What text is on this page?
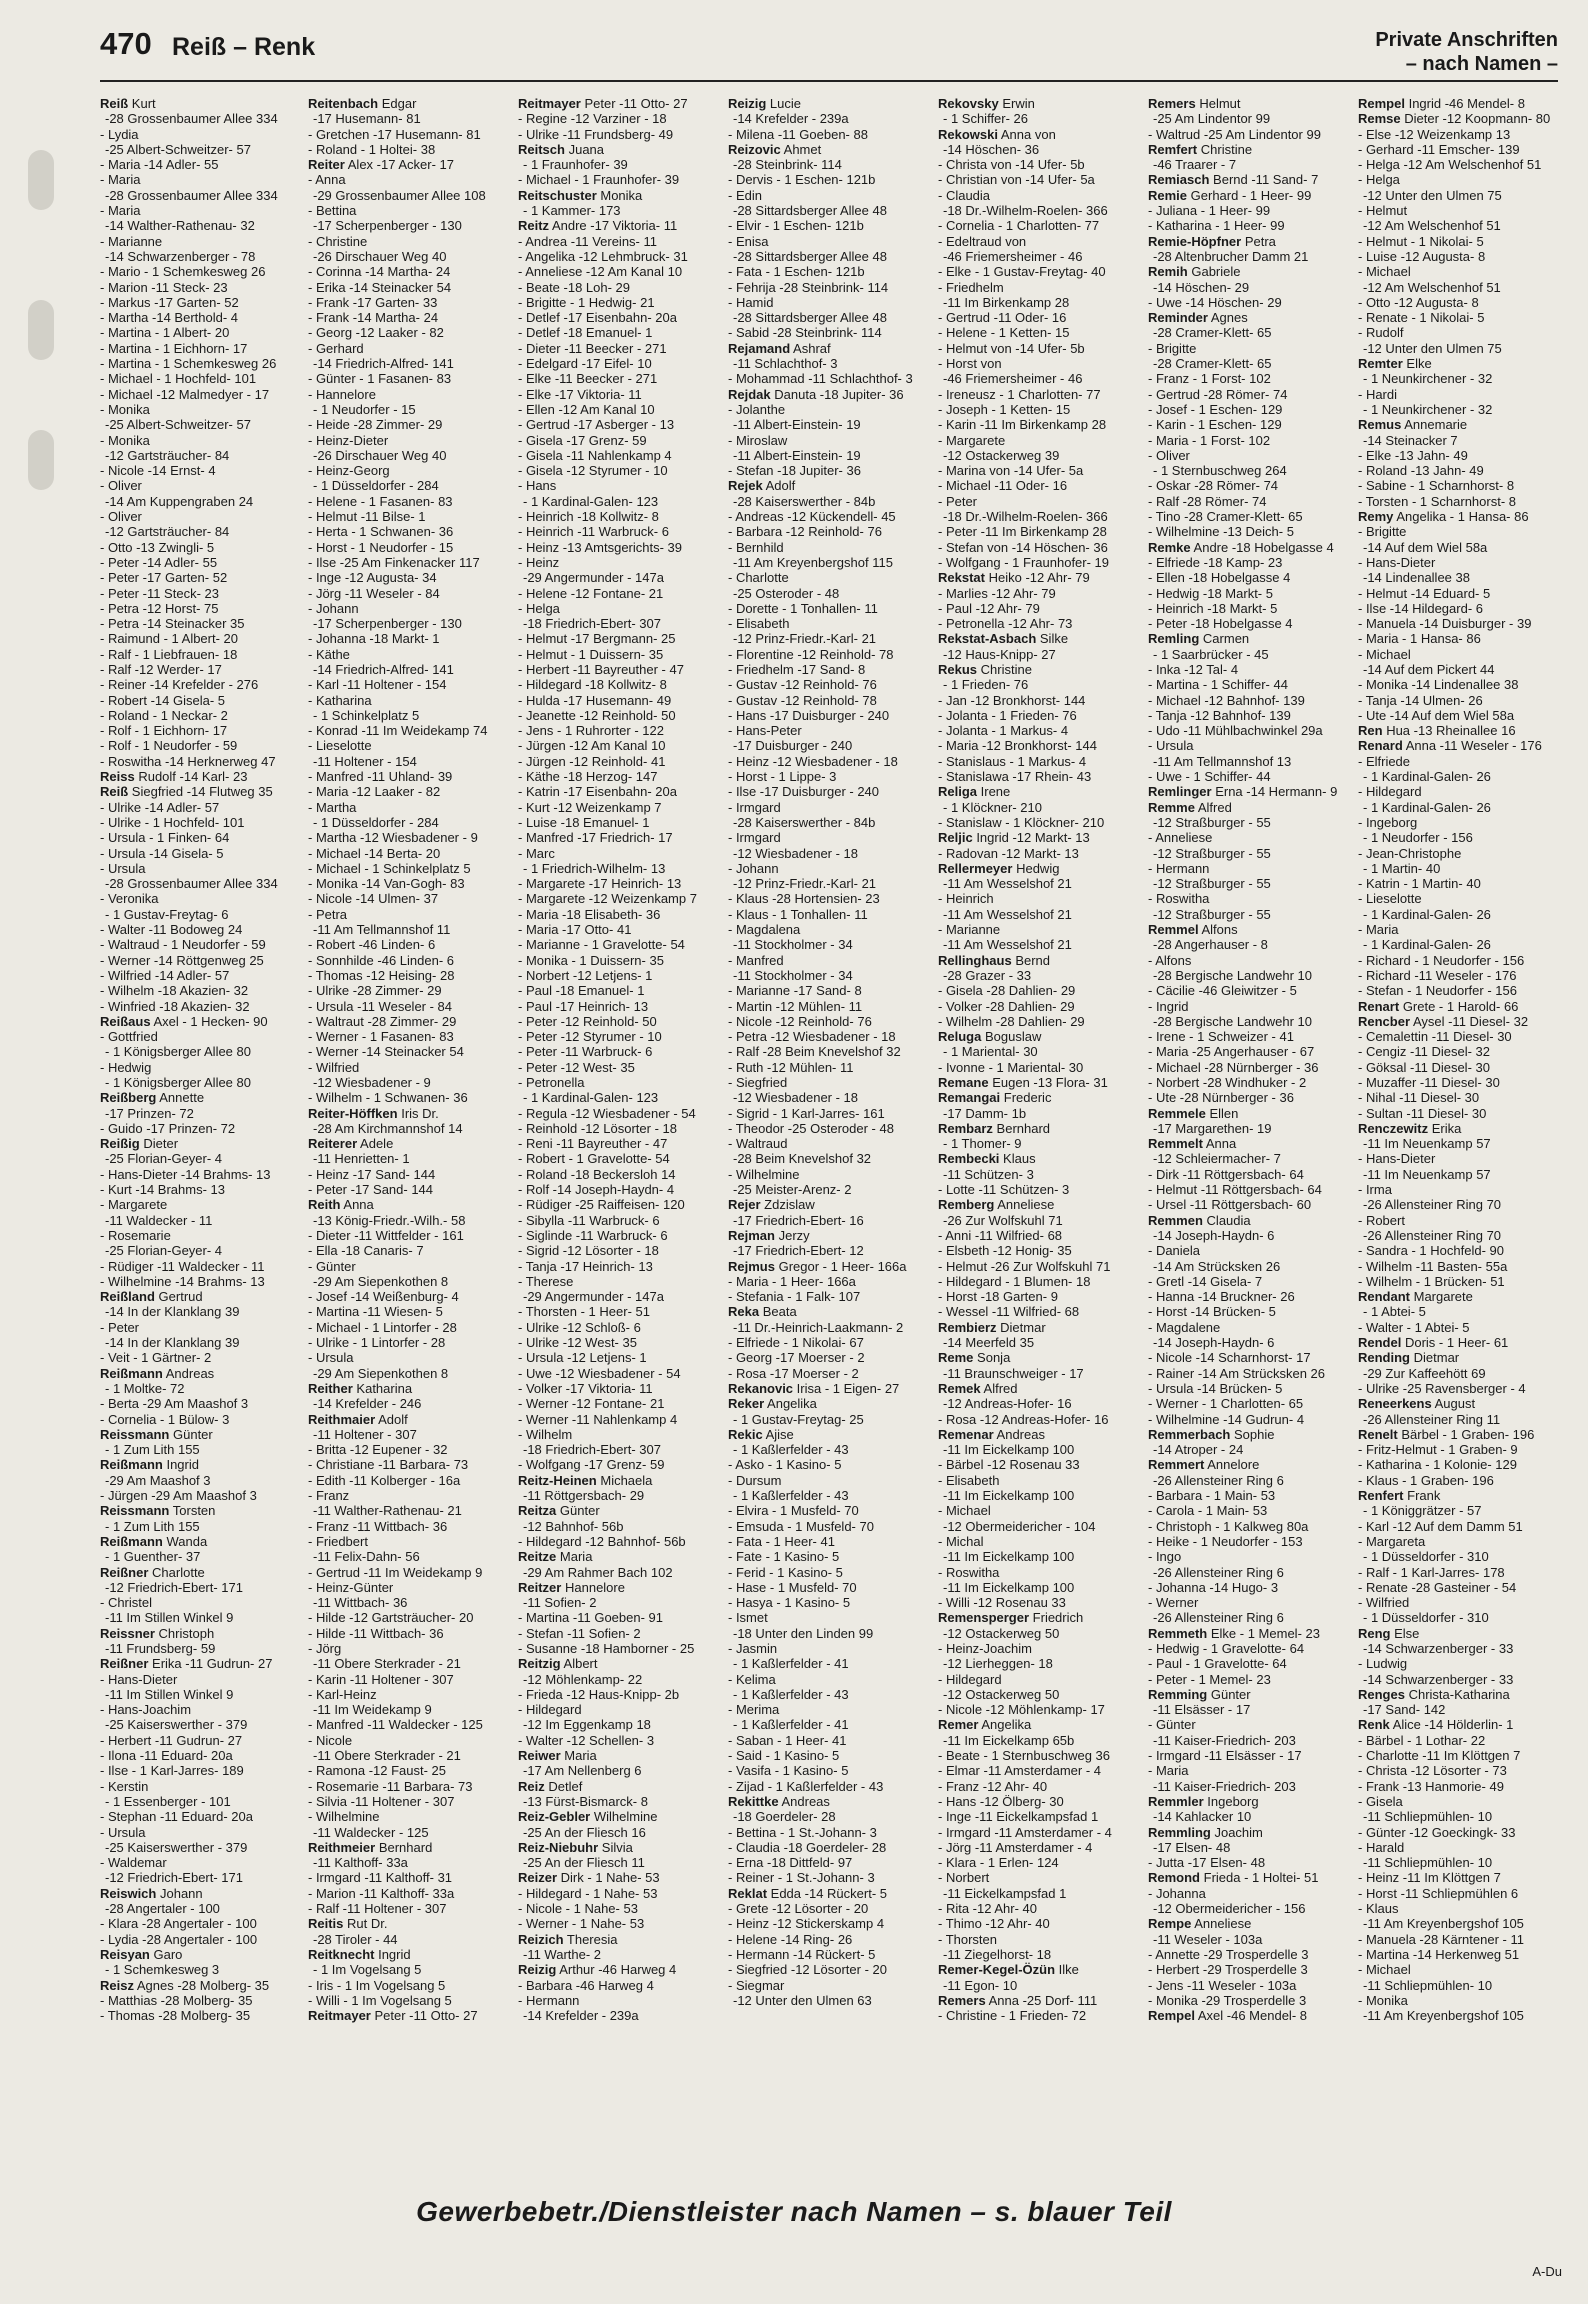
470 Reiß – Renk	Private Anschriften
– nach Namen –
Reiß Kurt
-28 Grossenbaumer Allee 334
- Lydia
-25 Albert-Schweitzer- 57
- Maria -14 Adler- 55
- Maria
-28 Grossenbaumer Allee 334
- Maria
-14 Walther-Rathenau- 32
- Marianne
-14 Schwarzenberger - 78
- Mario - 1 Schemkesweg 26
- Marion -11 Steck- 23
- Markus -17 Garten- 52
- Martha -14 Berthold- 4
- Martina - 1 Albert- 20
- Martina - 1 Eichhorn- 17
- Martina - 1 Schemkesweg 26
- Michael - 1 Hochfeld- 101
- Michael -12 Malmedyer - 17
- Monika
-25 Albert-Schweitzer- 57
- Monika
-12 Gartsträucher- 84
- Nicole -14 Ernst- 4
- Oliver
-14 Am Kuppengraben 24
- Oliver
-12 Gartsträucher- 84
- Otto -13 Zwingli- 5
- Peter -14 Adler- 55
- Peter -17 Garten- 52
- Peter -11 Steck- 23
- Petra -12 Horst- 75
- Petra -14 Steinacker 35
- Raimund - 1 Albert- 20
- Ralf - 1 Liebfrauen- 18
- Ralf -12 Werder- 17
- Reiner -14 Krefelder - 276
- Robert -14 Gisela- 5
- Roland - 1 Neckar- 2
- Rolf - 1 Eichhorn- 17
- Rolf - 1 Neudorfer - 59
- Roswitha -14 Herknerweg 47
Reiss Rudolf -14 Karl- 23
Reiß Siegfried -14 Flutweg 35
- Ulrike -14 Adler- 57
- Ulrike - 1 Hochfeld- 101
- Ursula - 1 Finken- 64
- Ursula -14 Gisela- 5
- Ursula
-28 Grossenbaumer Allee 334
- Veronika
- 1 Gustav-Freytag- 6
- Walter -11 Bodoweg 24
- Waltraud - 1 Neudorfer - 59
- Werner -14 Röttgenweg 25
- Wilfried -14 Adler- 57
- Wilhelm -18 Akazien- 32
- Winfried -18 Akazien- 32
Reißaus Axel - 1 Hecken- 90
- Gottfried
- 1 Königsberger Allee 80
- Hedwig
- 1 Königsberger Allee 80
Reißberg Annette
-17 Prinzen- 72
- Guido -17 Prinzen- 72
Reißig Dieter
-25 Florian-Geyer- 4
- Hans-Dieter -14 Brahms- 13
- Kurt -14 Brahms- 13
- Margarete
-11 Waldecker - 11
- Rosemarie
-25 Florian-Geyer- 4
- Rüdiger -11 Waldecker - 11
- Wilhelmine -14 Brahms- 13
Reißland Gertrud
-14 In der Klanklang 39
- Peter
-14 In der Klanklang 39
- Veit - 1 Gärtner- 2
Reißmann Andreas
- 1 Moltke- 72
- Berta -29 Am Maashof 3
- Cornelia - 1 Bülow- 3
Reissmann Günter
- 1 Zum Lith 155
Reißmann Ingrid
-29 Am Maashof 3
- Jürgen -29 Am Maashof 3
Reissmann Torsten
- 1 Zum Lith 155
Reißmann Wanda
- 1 Guenther- 37
Reißner Charlotte
-12 Friedrich-Ebert- 171
- Christel
-11 Im Stillen Winkel 9
Reissner Christoph
-11 Frundsberg- 59
Reißner Erika -11 Gudrun- 27
- Hans-Dieter
-11 Im Stillen Winkel 9
- Hans-Joachim
-25 Kaiserswerther - 379
- Herbert -11 Gudrun- 27
- Ilona -11 Eduard- 20a
- Ilse - 1 Karl-Jarres- 189
- Kerstin
- 1 Essenberger - 101
- Stephan -11 Eduard- 20a
- Ursula
-25 Kaiserswerther - 379
- Waldemar
-12 Friedrich-Ebert- 171
Reiswich Johann
-28 Angertaler - 100
- Klara -28 Angertaler - 100
- Lydia -28 Angertaler - 100
Reisyan Garo
- 1 Schemkesweg 3
Reisz Agnes -28 Molberg- 35
- Matthias -28 Molberg- 35
- Thomas -28 Molberg- 35
Reitenbach Edgar
-17 Husemann- 81
- Gretchen -17 Husemann- 81
- Roland - 1 Holtei- 38
Reiter Alex -17 Acker- 17
- Anna
-29 Grossenbaumer Allee 108
- Bettina
-17 Scherpenberger - 130
- Christine
-26 Dirschauer Weg 40
- Corinna -14 Martha- 24
- Erika -14 Steinacker 54
- Frank -17 Garten- 33
- Frank -14 Martha- 24
- Georg -12 Laaker - 82
- Gerhard
-14 Friedrich-Alfred- 141
- Günter - 1 Fasanen- 83
- Hannelore
- 1 Neudorfer - 15
- Heide -28 Zimmer- 29
- Heinz-Dieter
-26 Dirschauer Weg 40
- Heinz-Georg
- 1 Düsseldorfer - 284
- Helene - 1 Fasanen- 83
- Helmut -11 Bilse- 1
- Herta - 1 Schwanen- 36
- Horst - 1 Neudorfer - 15
- Ilse -25 Am Finkenacker 117
- Inge -12 Augusta- 34
- Jörg -11 Weseler - 84
- Johann
-17 Scherpenberger - 130
- Johanna -18 Markt- 1
- Käthe
-14 Friedrich-Alfred- 141
- Karl -11 Holtener - 154
- Katharina
- 1 Schinkelplatz 5
- Konrad -11 Im Weidekamp 74
- Lieselotte
-11 Holtener - 154
- Manfred -11 Uhland- 39
- Maria -12 Laaker - 82
- Martha
- 1 Düsseldorfer - 284
- Martha -12 Wiesbadener - 9
- Michael -14 Berta- 20
- Michael - 1 Schinkelplatz 5
- Monika -14 Van-Gogh- 83
- Nicole -14 Ulmen- 37
- Petra
-11 Am Tellmannshof 11
- Robert -46 Linden- 6
- Sonnhilde -46 Linden- 6
- Thomas -12 Heising- 28
- Ulrike -28 Zimmer- 29
- Ursula -11 Weseler - 84
- Waltraut -28 Zimmer- 29
- Werner - 1 Fasanen- 83
- Werner -14 Steinacker 54
- Wilfried
-12 Wiesbadener - 9
- Wilhelm - 1 Schwanen- 36
Reiter-Höffken Iris Dr.
-28 Am Kirchmannshof 14
Reiterer Adele
-11 Henrietten- 1
- Heinz -17 Sand- 144
- Peter -17 Sand- 144
Reith Anna
-13 König-Friedr.-Wilh.- 58
- Dieter -11 Wittfelder - 161
- Ella -18 Canaris- 7
- Günter
-29 Am Siepenkothen 8
- Josef -14 Weißenburg- 4
- Martina -11 Wiesen- 5
- Michael - 1 Lintorfer - 28
- Ulrike - 1 Lintorfer - 28
- Ursula
-29 Am Siepenkothen 8
Reither Katharina
-14 Krefelder - 246
Reithmaier Adolf
-11 Holtener - 307
- Britta -12 Eupener - 32
- Christiane -11 Barbara- 73
- Edith -11 Kolberger - 16a
- Franz
-11 Walther-Rathenau- 21
- Franz -11 Wittbach- 36
- Friedbert
-11 Felix-Dahn- 56
- Gertrud -11 Im Weidekamp 9
- Heinz-Günter
-11 Wittbach- 36
- Hilde -12 Gartsträucher- 20
- Hilde -11 Wittbach- 36
- Jörg
-11 Obere Sterkrader - 21
- Karin -11 Holtener - 307
- Karl-Heinz
-11 Im Weidekamp 9
- Manfred -11 Waldecker - 125
- Nicole
-11 Obere Sterkrader - 21
- Ramona -12 Faust- 25
- Rosemarie -11 Barbara- 73
- Silvia -11 Holtener - 307
- Wilhelmine
-11 Waldecker - 125
Reithmeier Bernhard
-11 Kalthoff- 33a
- Irmgard -11 Kalthoff- 31
- Marion -11 Kalthoff- 33a
- Ralf -11 Holtener - 307
Reitis Rut Dr.
-28 Tiroler - 44
Reitknecht Ingrid
- 1 Im Vogelsang 5
- Iris - 1 Im Vogelsang 5
- Willi - 1 Im Vogelsang 5
Reitmayer Peter -11 Otto- 27
Reitmayer Peter -11 Otto- 27
- Regine -12 Varziner - 18
- Ulrike -11 Frundsberg- 49
Reitsch Juana
- 1 Fraunhofer- 39
- Michael - 1 Fraunhofer- 39
Reitschuster Monika
- 1 Kammer- 173
Reitz Andre -17 Viktoria- 11
- Andrea -11 Vereins- 11
- Angelika -12 Lehmbruck- 31
- Anneliese -12 Am Kanal 10
- Beate -18 Loh- 29
- Brigitte - 1 Hedwig- 21
- Detlef -17 Eisenbahn- 20a
- Detlef -18 Emanuel- 1
- Dieter -11 Beecker - 271
- Edelgard -17 Eifel- 10
- Elke -11 Beecker - 271
- Elke -17 Viktoria- 11
- Ellen -12 Am Kanal 10
- Gertrud -17 Asberger - 13
- Gisela -17 Grenz- 59
- Gisela -11 Nahlenkamp 4
- Gisela -12 Styrumer - 10
- Hans
- 1 Kardinal-Galen- 123
- Heinrich -18 Kollwitz- 8
- Heinrich -11 Warbruck- 6
- Heinz -13 Amtsgerichts- 39
- Heinz
-29 Angermunder - 147a
- Helene -12 Fontane- 21
- Helga
-18 Friedrich-Ebert- 307
- Helmut -17 Bergmann- 25
- Helmut - 1 Duissern- 35
- Herbert -11 Bayreuther - 47
- Hildegard -18 Kollwitz- 8
- Hulda -17 Husemann- 49
- Jeanette -12 Reinhold- 50
- Jens - 1 Ruhrorter - 122
- Jürgen -12 Am Kanal 10
- Jürgen -12 Reinhold- 41
- Käthe -18 Herzog- 147
- Katrin -17 Eisenbahn- 20a
- Kurt -12 Weizenkamp 7
- Luise -18 Emanuel- 1
- Manfred -17 Friedrich- 17
- Marc
- 1 Friedrich-Wilhelm- 13
- Margarete -17 Heinrich- 13
- Margarete -12 Weizenkamp 7
- Maria -18 Elisabeth- 36
- Maria -17 Otto- 41
- Marianne - 1 Gravelotte- 54
- Monika - 1 Duissern- 35
- Norbert -12 Letjens- 1
- Paul -18 Emanuel- 1
- Paul -17 Heinrich- 13
- Peter -12 Reinhold- 50
- Peter -12 Styrumer - 10
- Peter -11 Warbruck- 6
- Peter -12 West- 35
- Petronella
- 1 Kardinal-Galen- 123
- Regula -12 Wiesbadener - 54
- Reinhold -12 Lösorter - 18
- Reni -11 Bayreuther - 47
- Robert - 1 Gravelotte- 54
- Roland -18 Beckersloh 14
- Rolf -14 Joseph-Haydn- 4
- Rüdiger -25 Raiffeisen- 120
- Sibylla -11 Warbruck- 6
- Siglinde -11 Warbruck- 6
- Sigrid -12 Lösorter - 18
- Tanja -17 Heinrich- 13
- Therese
-29 Angermunder - 147a
- Thorsten - 1 Heer- 51
- Ulrike -12 Schloß- 6
- Ulrike -12 West- 35
- Ursula -12 Letjens- 1
- Uwe -12 Wiesbadener - 54
- Volker -17 Viktoria- 11
- Werner -12 Fontane- 21
- Werner -11 Nahlenkamp 4
- Wilhelm
-18 Friedrich-Ebert- 307
- Wolfgang -17 Grenz- 59
Reitz-Heinen Michaela
-11 Röttgersbach- 29
Reitza Günter
-12 Bahnhof- 56b
- Hildegard -12 Bahnhof- 56b
Reitze Maria
-29 Am Rahmer Bach 102
Reitzer Hannelore
-11 Sofien- 2
- Martina -11 Goeben- 91
- Stefan -11 Sofien- 2
- Susanne -18 Hamborner - 25
Reitzig Albert
-12 Möhlenkamp- 22
- Frieda -12 Haus-Knipp- 2b
- Hildegard
-12 Im Eggenkamp 18
- Walter -12 Schellen- 3
Reiwer Maria
-17 Am Nellenberg 6
Reiz Detlef
-13 Fürst-Bismarck- 8
Reiz-Gebler Wilhelmine
-25 An der Fliesch 16
Reiz-Niebuhr Silvia
-25 An der Fliesch 11
Reizer Dirk - 1 Nahe- 53
- Hildegard - 1 Nahe- 53
- Nicole - 1 Nahe- 53
- Werner - 1 Nahe- 53
Reizich Theresia
-11 Warthe- 2
Reizig Arthur -46 Harweg 4
- Barbara -46 Harweg 4
- Hermann
-14 Krefelder - 239a
Reizig Lucie
-14 Krefelder - 239a
- Milena -11 Goeben- 88
Reizovic Ahmet
-28 Steinbrink- 114
- Dervis - 1 Eschen- 121b
- Edin
-28 Sittardsberger Allee 48
- Elvir - 1 Eschen- 121b
- Enisa
-28 Sittardsberger Allee 48
- Fata - 1 Eschen- 121b
- Fehrija -28 Steinbrink- 114
- Hamid
-28 Sittardsberger Allee 48
- Sabid -28 Steinbrink- 114
Rejamand Ashraf
-11 Schlachthof- 3
- Mohammad -11 Schlachthof- 3
Rejdak Danuta -18 Jupiter- 36
- Jolanthe
-11 Albert-Einstein- 19
- Miroslaw
-11 Albert-Einstein- 19
- Stefan -18 Jupiter- 36
Rejek Adolf
-28 Kaiserswerther - 84b
- Andreas -12 Kückendell- 45
- Barbara -12 Reinhold- 76
- Bernhild
-11 Am Kreyenbergshof 115
- Charlotte
-25 Osteroder - 48
- Dorette - 1 Tonhallen- 11
- Elisabeth
-12 Prinz-Friedr.-Karl- 21
- Florentine -12 Reinhold- 78
- Friedhelm -17 Sand- 8
- Gustav -12 Reinhold- 76
- Gustav -12 Reinhold- 78
- Hans -17 Duisburger - 240
- Hans-Peter
-17 Duisburger - 240
- Heinz -12 Wiesbadener - 18
- Horst - 1 Lippe- 3
- Ilse -17 Duisburger - 240
- Irmgard
-28 Kaiserswerther - 84b
- Irmgard
-12 Wiesbadener - 18
- Johann
-12 Prinz-Friedr.-Karl- 21
- Klaus -28 Hortensien- 23
- Klaus - 1 Tonhallen- 11
- Magdalena
-11 Stockholmer - 34
- Manfred
-11 Stockholmer - 34
- Marianne -17 Sand- 8
- Martin -12 Mühlen- 11
- Nicole -12 Reinhold- 76
- Petra -12 Wiesbadener - 18
- Ralf -28 Beim Knevelshof 32
- Ruth -12 Mühlen- 11
- Siegfried
-12 Wiesbadener - 18
- Sigrid - 1 Karl-Jarres- 161
- Theodor -25 Osteroder - 48
- Waltraud
-28 Beim Knevelshof 32
- Wilhelmine
-25 Meister-Arenz- 2
Rejer Zdzislaw
-17 Friedrich-Ebert- 16
Rejman Jerzy
-17 Friedrich-Ebert- 12
Rejmus Gregor - 1 Heer- 166a
- Maria - 1 Heer- 166a
- Stefania - 1 Falk- 107
Reka Beata
-11 Dr.-Heinrich-Laakmann- 2
- Elfriede - 1 Nikolai- 67
- Georg -17 Moerser - 2
- Rosa -17 Moerser - 2
Rekanovic Irisa - 1 Eigen- 27
Reker Angelika
- 1 Gustav-Freytag- 25
Rekic Ajise
- 1 Kaßlerfelder - 43
- Asko - 1 Kasino- 5
- Dursum
- 1 Kaßlerfelder - 43
- Elvira - 1 Musfeld- 70
- Emsuda - 1 Musfeld- 70
- Fata - 1 Heer- 41
- Fate - 1 Kasino- 5
- Ferid - 1 Kasino- 5
- Hase - 1 Musfeld- 70
- Hasya - 1 Kasino- 5
- Ismet
-18 Unter den Linden 99
- Jasmin
- 1 Kaßlerfelder - 41
- Kelima
- 1 Kaßlerfelder - 43
- Merima
- 1 Kaßlerfelder - 41
- Saban - 1 Heer- 41
- Said - 1 Kasino- 5
- Vasifa - 1 Kasino- 5
- Zijad - 1 Kaßlerfelder - 43
Rekittke Andreas
-18 Goerdeler- 28
- Bettina - 1 St.-Johann- 3
- Claudia -18 Goerdeler- 28
- Erna -18 Dittfeld- 97
- Reiner - 1 St.-Johann- 3
Reklat Edda -14 Rückert- 5
- Grete -12 Lösorter - 20
- Heinz -12 Stickerskamp 4
- Helene -14 Ring- 26
- Hermann -14 Rückert- 5
- Siegfried -12 Lösorter - 20
- Siegmar
-12 Unter den Ulmen 63
Rekovsky Erwin
- 1 Schiffer- 26
Rekowski Anna von
-14 Höschen- 36
- Christa von -14 Ufer- 5b
- Christian von -14 Ufer- 5a
- Claudia
-18 Dr.-Wilhelm-Roelen- 366
- Cornelia - 1 Charlotten- 77
- Edeltraud von
-46 Friemersheimer - 46
- Elke - 1 Gustav-Freytag- 40
- Friedhelm
-11 Im Birkenkamp 28
- Gertrud -11 Oder- 16
- Helene - 1 Ketten- 15
- Helmut von -14 Ufer- 5b
- Horst von
-46 Friemersheimer - 46
- Ireneusz - 1 Charlotten- 77
- Joseph - 1 Ketten- 15
- Karin -11 Im Birkenkamp 28
- Margarete
-12 Ostackerweg 39
- Marina von -14 Ufer- 5a
- Michael -11 Oder- 16
- Peter
-18 Dr.-Wilhelm-Roelen- 366
- Peter -11 Im Birkenkamp 28
- Stefan von -14 Höschen- 36
- Wolfgang - 1 Fraunhofer- 19
Rekstat Heiko -12 Ahr- 79
- Marlies -12 Ahr- 79
- Paul -12 Ahr- 79
- Petronella -12 Ahr- 73
Rekstat-Asbach Silke
-12 Haus-Knipp- 27
Rekus Christine
- 1 Frieden- 76
- Jan -12 Bronkhorst- 144
- Jolanta - 1 Frieden- 76
- Jolanta - 1 Markus- 4
- Maria -12 Bronkhorst- 144
- Stanislaus - 1 Markus- 4
- Stanislawa -17 Rhein- 43
Religa Irene
- 1 Klöckner- 210
- Stanislaw - 1 Klöckner- 210
Reljic Ingrid -12 Markt- 13
- Radovan -12 Markt- 13
Rellermeyer Hedwig
-11 Am Wesselshof 21
- Heinrich
-11 Am Wesselshof 21
- Marianne
-11 Am Wesselshof 21
Rellinghaus Bernd
-28 Grazer - 33
- Gisela -28 Dahlien- 29
- Volker -28 Dahlien- 29
- Wilhelm -28 Dahlien- 29
Reluga Boguslaw
- 1 Mariental- 30
- Ivonne - 1 Mariental- 30
Remane Eugen -13 Flora- 31
Remangai Frederic
-17 Damm- 1b
Rembarz Bernhard
- 1 Thomer- 9
Rembecki Klaus
-11 Schützen- 3
- Lotte -11 Schützen- 3
Remberg Anneliese
-26 Zur Wolfskuhl 71
- Anni -11 Wilfried- 68
- Elsbeth -12 Honig- 35
- Helmut -26 Zur Wolfskuhl 71
- Hildegard - 1 Blumen- 18
- Horst -18 Garten- 9
- Wessel -11 Wilfried- 68
Rembierz Dietmar
-14 Meerfeld 35
Reme Sonja
-11 Braunschweiger - 17
Remek Alfred
-12 Andreas-Hofer- 16
- Rosa -12 Andreas-Hofer- 16
Remenar Andreas
-11 Im Eickelkamp 100
- Bärbel -12 Rosenau 33
- Elisabeth
-11 Im Eickelkamp 100
- Michael
-12 Obermeidericher - 104
- Michal
-11 Im Eickelkamp 100
- Roswitha
-11 Im Eickelkamp 100
- Willi -12 Rosenau 33
Remensperger Friedrich
-12 Ostackerweg 50
- Heinz-Joachim
-12 Lierheggen- 18
- Hildegard
-12 Ostackerweg 50
- Nicole -12 Möhlenkamp- 17
Remer Angelika
-11 Im Eickelkamp 65b
- Beate - 1 Sternbuschweg 36
- Elmar -11 Amsterdamer - 4
- Franz -12 Ahr- 40
- Hans -12 Ölberg- 30
- Inge -11 Eickelkampsfad 1
- Irmgard -11 Amsterdamer - 4
- Jörg -11 Amsterdamer - 4
- Klara - 1 Erlen- 124
- Norbert
-11 Eickelkampsfad 1
- Rita -12 Ahr- 40
- Thimo -12 Ahr- 40
- Thorsten
-11 Ziegelhorst- 18
Remer-Kegel-Özün Ilke
-11 Egon- 10
Remers Anna -25 Dorf- 111
- Christine - 1 Frieden- 72
Remers Helmut
-25 Am Lindentor 99
- Waltrud -25 Am Lindentor 99
Remfert Christine
-46 Traarer - 7
Remiasch Bernd -11 Sand- 7
Remie Gerhard - 1 Heer- 99
- Juliana - 1 Heer- 99
- Katharina - 1 Heer- 99
Remie-Höpfner Petra
-28 Altenbrucher Damm 21
Remih Gabriele
-14 Höschen- 29
- Uwe -14 Höschen- 29
Reminder Agnes
-28 Cramer-Klett- 65
- Brigitte
-28 Cramer-Klett- 65
- Franz - 1 Forst- 102
- Gertrud -28 Römer- 74
- Josef - 1 Eschen- 129
- Karin - 1 Eschen- 129
- Maria - 1 Forst- 102
- Oliver
- 1 Sternbuschweg 264
- Oskar -28 Römer- 74
- Ralf -28 Römer- 74
- Tino -28 Cramer-Klett- 65
- Wilhelmine -13 Deich- 5
Remke Andre -18 Hobelgasse 4
- Elfriede -18 Kamp- 23
- Ellen -18 Hobelgasse 4
- Hedwig -18 Markt- 5
- Heinrich -18 Markt- 5
- Peter -18 Hobelgasse 4
Remling Carmen
- 1 Saarbrücker - 45
- Inka -12 Tal- 4
- Martina - 1 Schiffer- 44
- Michael -12 Bahnhof- 139
- Tanja -12 Bahnhof- 139
- Udo -11 Mühlbachwinkel 29a
- Ursula
-11 Am Tellmannshof 13
- Uwe - 1 Schiffer- 44
Remlinger Erna -14 Hermann- 9
Remme Alfred
-12 Straßburger - 55
- Anneliese
-12 Straßburger - 55
- Hermann
-12 Straßburger - 55
- Roswitha
-12 Straßburger - 55
Remmel Alfons
-28 Angerhauser - 8
- Alfons
-28 Bergische Landwehr 10
- Cäcilie -46 Gleiwitzer - 5
- Ingrid
-28 Bergische Landwehr 10
- Irene - 1 Schweizer - 41
- Maria -25 Angerhauser - 67
- Michael -28 Nürnberger - 36
- Norbert -28 Windhuker - 2
- Ute -28 Nürnberger - 36
Remmele Ellen
-17 Margarethen- 19
Remmelt Anna
-12 Schleiermacher- 7
- Dirk -11 Röttgersbach- 64
- Helmut -11 Röttgersbach- 64
- Ursel -11 Röttgersbach- 60
Remmen Claudia
-14 Joseph-Haydn- 6
- Daniela
-14 Am Strücksken 26
- Gretl -14 Gisela- 7
- Hanna -14 Bruckner- 26
- Horst -14 Brücken- 5
- Magdalene
-14 Joseph-Haydn- 6
- Nicole -14 Scharnhorst- 17
- Rainer -14 Am Strücksken 26
- Ursula -14 Brücken- 5
- Werner - 1 Charlotten- 65
- Wilhelmine -14 Gudrun- 4
Remmerbach Sophie
-14 Atroper - 24
Remmert Annelore
-26 Allensteiner Ring 6
- Barbara - 1 Main- 53
- Carola - 1 Main- 53
- Christoph - 1 Kalkweg 80a
- Heike - 1 Neudorfer - 153
- Ingo
-26 Allensteiner Ring 6
- Johanna -14 Hugo- 3
- Werner
-26 Allensteiner Ring 6
Remmeth Elke - 1 Memel- 23
- Hedwig - 1 Gravelotte- 64
- Paul - 1 Gravelotte- 64
- Peter - 1 Memel- 23
Remming Günter
-11 Elsässer - 17
- Günter
-11 Kaiser-Friedrich- 203
- Irmgard -11 Elsässer - 17
- Maria
-11 Kaiser-Friedrich- 203
Remmler Ingeborg
-14 Kahlacker 10
Remmling Joachim
-17 Elsen- 48
- Jutta -17 Elsen- 48
Remond Frieda - 1 Holtei- 51
- Johanna
-12 Obermeidericher - 156
Rempe Anneliese
-11 Weseler - 103a
- Annette -29 Trosperdelle 3
- Herbert -29 Trosperdelle 3
- Jens -11 Weseler - 103a
- Monika -29 Trosperdelle 3
Rempel Axel -46 Mendel- 8
Rempel Ingrid -46 Mendel- 8
Remse Dieter -12 Koopmann- 80
- Else -12 Weizenkamp 13
- Gerhard -11 Emscher- 139
- Helga -12 Am Welschenhof 51
- Helga
-12 Unter den Ulmen 75
- Helmut
-12 Am Welschenhof 51
- Helmut - 1 Nikolai- 5
- Luise -12 Augusta- 8
- Michael
-12 Am Welschenhof 51
- Otto -12 Augusta- 8
- Renate - 1 Nikolai- 5
- Rudolf
-12 Unter den Ulmen 75
Remter Elke
- 1 Neunkirchener - 32
- Hardi
- 1 Neunkirchener - 32
Remus Annemarie
-14 Steinacker 7
- Elke -13 Jahn- 49
- Roland -13 Jahn- 49
- Sabine - 1 Scharnhorst- 8
- Torsten - 1 Scharnhorst- 8
Remy Angelika - 1 Hansa- 86
- Brigitte
-14 Auf dem Wiel 58a
- Hans-Dieter
-14 Lindenallee 38
- Helmut -14 Eduard- 5
- Ilse -14 Hildegard- 6
- Manuela -14 Duisburger - 39
- Maria - 1 Hansa- 86
- Michael
-14 Auf dem Pickert 44
- Monika -14 Lindenallee 38
- Tanja -14 Ulmen- 26
- Ute -14 Auf dem Wiel 58a
Ren Hua -13 Rheinallee 16
Renard Anna -11 Weseler - 176
- Elfriede
- 1 Kardinal-Galen- 26
- Hildegard
- 1 Kardinal-Galen- 26
- Ingeborg
- 1 Neudorfer - 156
- Jean-Christophe
- 1 Martin- 40
- Katrin - 1 Martin- 40
- Lieselotte
- 1 Kardinal-Galen- 26
- Maria
- 1 Kardinal-Galen- 26
- Richard - 1 Neudorfer - 156
- Richard -11 Weseler - 176
- Stefan - 1 Neudorfer - 156
Renart Grete - 1 Harold- 66
Rencber Aysel -11 Diesel- 32
- Cemalettin -11 Diesel- 30
- Cengiz -11 Diesel- 32
- Göksal -11 Diesel- 30
- Muzaffer -11 Diesel- 30
- Nihal -11 Diesel- 30
- Sultan -11 Diesel- 30
Renczewitz Erika
-11 Im Neuenkamp 57
- Hans-Dieter
-11 Im Neuenkamp 57
- Irma
-26 Allensteiner Ring 70
- Robert
-26 Allensteiner Ring 70
- Sandra - 1 Hochfeld- 90
- Wilhelm -11 Basten- 55a
- Wilhelm - 1 Brücken- 51
Rendant Margarete
- 1 Abtei- 5
- Walter - 1 Abtei- 5
Rendel Doris - 1 Heer- 61
Rending Dietmar
-29 Zur Kaffeehött 69
- Ulrike -25 Ravensberger - 4
Reneerkens August
-26 Allensteiner Ring 11
Renelt Bärbel - 1 Graben- 196
- Fritz-Helmut - 1 Graben- 9
- Katharina - 1 Kolonie- 129
- Klaus - 1 Graben- 196
Renfert Frank
- 1 Königgrätzer - 57
- Karl -12 Auf dem Damm 51
- Margareta
- 1 Düsseldorfer - 310
- Ralf - 1 Karl-Jarres- 178
- Renate -28 Gasteiner - 54
- Wilfried
- 1 Düsseldorfer - 310
Reng Else
-14 Schwarzenberger - 33
- Ludwig
-14 Schwarzenberger - 33
Renges Christa-Katharina
-17 Sand- 142
Renk Alice -14 Hölderlin- 1
- Bärbel - 1 Lothar- 22
- Charlotte -11 Im Klöttgen 7
- Christa -12 Lösorter - 73
- Frank -13 Hanmorie- 49
- Gisela
-11 Schliepmühlen- 10
- Günter -12 Goeckingk- 33
- Harald
-11 Schliepmühlen- 10
- Heinz -11 Im Klöttgen 7
- Horst -11 Schliepmühlen 6
- Klaus
-11 Am Kreyenbergshof 105
- Manuela -28 Kärntener - 11
- Martina -14 Herkenweg 51
- Michael
-11 Schliepmühlen- 10
- Monika
-11 Am Kreyenbergshof 105
Gewerbebetr./Dienstleister nach Namen – s. blauer Teil
A-Du
